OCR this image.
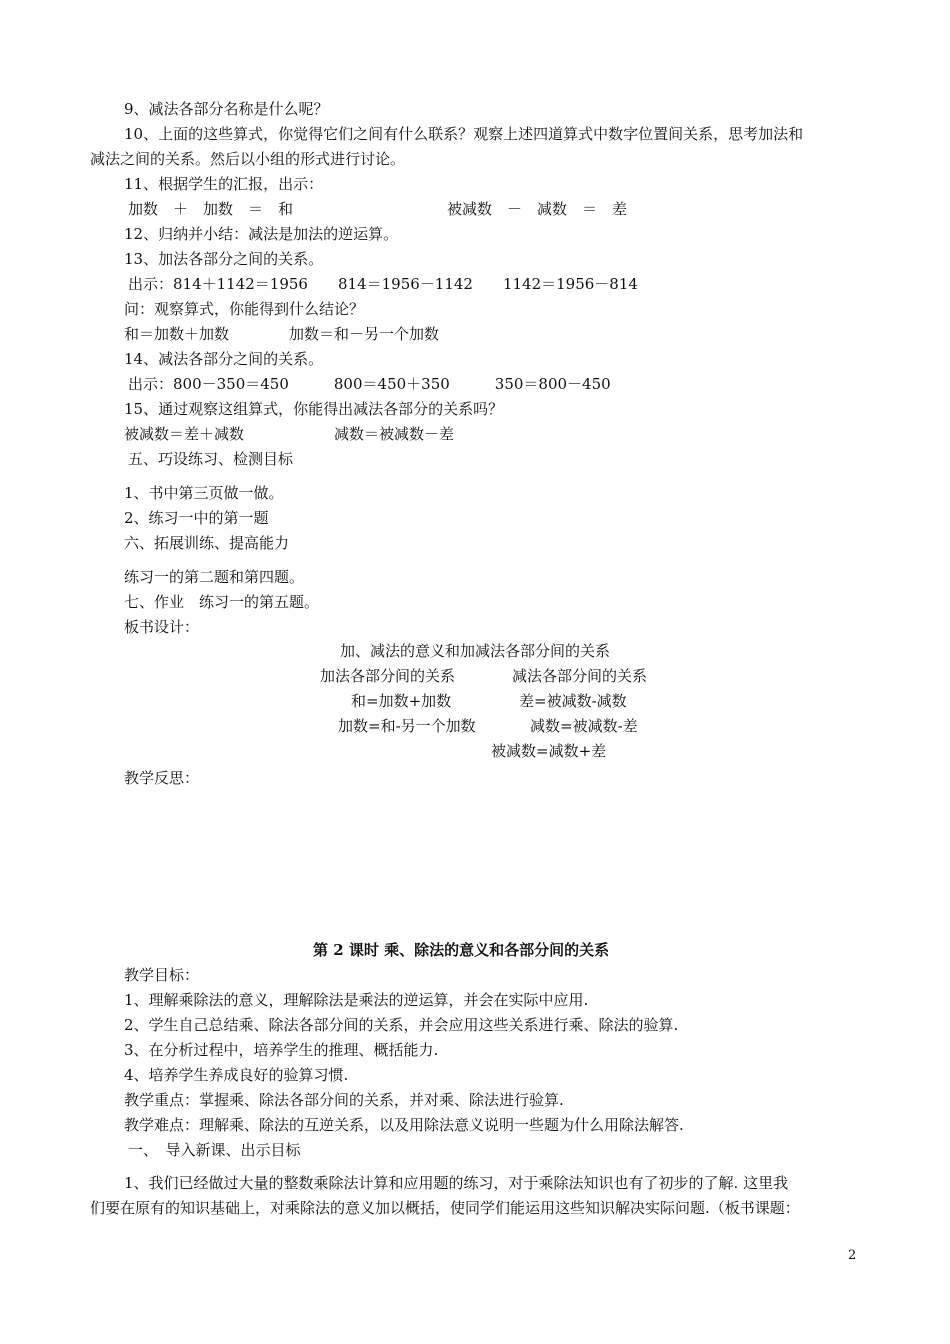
9、减法各部分名称是什么呢？
10、上面的这些算式，你觉得它们之间有什么联系？观察上述四道算式中数字位置间关系，思考加法和
减法之间的关系。然后以小组的形式进行讨论。
11、根据学生的汇报，出示：
加数　＋　加数　＝　和	被减数　－　减数　＝　差
12、归纳并小结：减法是加法的逆运算。
13、加法各部分之间的关系。
出示：814＋1142＝1956　　814＝1956－1142　　1142＝1956－814
问：观察算式，你能得到什么结论？
和＝加数＋加数　　　　加数＝和－另一个加数
14、减法各部分之间的关系。
出示：800－350＝450　　　800＝450＋350　　　350＝800－450
15、通过观察这组算式，你能得出减法各部分的关系吗？
被减数＝差＋减数　　　　　　减数＝被减数－差
五、巧设练习、检测目标
1、书中第三页做一做。
2、练习一中的第一题
六、拓展训练、提高能力
练习一的第二题和第四题。
七、作业　练习一的第五题。
板书设计：
加、减法的意义和加减法各部分间的关系
加法各部分间的关系	减法各部分间的关系
和=加数+加数	差=被减数-减数
加数=和-另一个加数	减数=被减数-差
被减数=减数+差
教学反思：
第 2 课时 乘、除法的意义和各部分间的关系
教学目标：
1、理解乘除法的意义，理解除法是乘法的逆运算，并会在实际中应用.
2、学生自己总结乘、除法各部分间的关系，并会应用这些关系进行乘、除法的验算.
3、在分析过程中，培养学生的推理、概括能力.
4、培养学生养成良好的验算习惯.
教学重点：掌握乘、除法各部分间的关系，并对乘、除法进行验算.
教学难点：理解乘、除法的互逆关系，以及用除法意义说明一些题为什么用除法解答.
一、　导入新课、出示目标
1、我们已经做过大量的整数乘除法计算和应用题的练习，对于乘除法知识也有了初步的了解. 这里我
们要在原有的知识基础上，对乘除法的意义加以概括，使同学们能运用这些知识解决实际问题.（板书课题：
2
